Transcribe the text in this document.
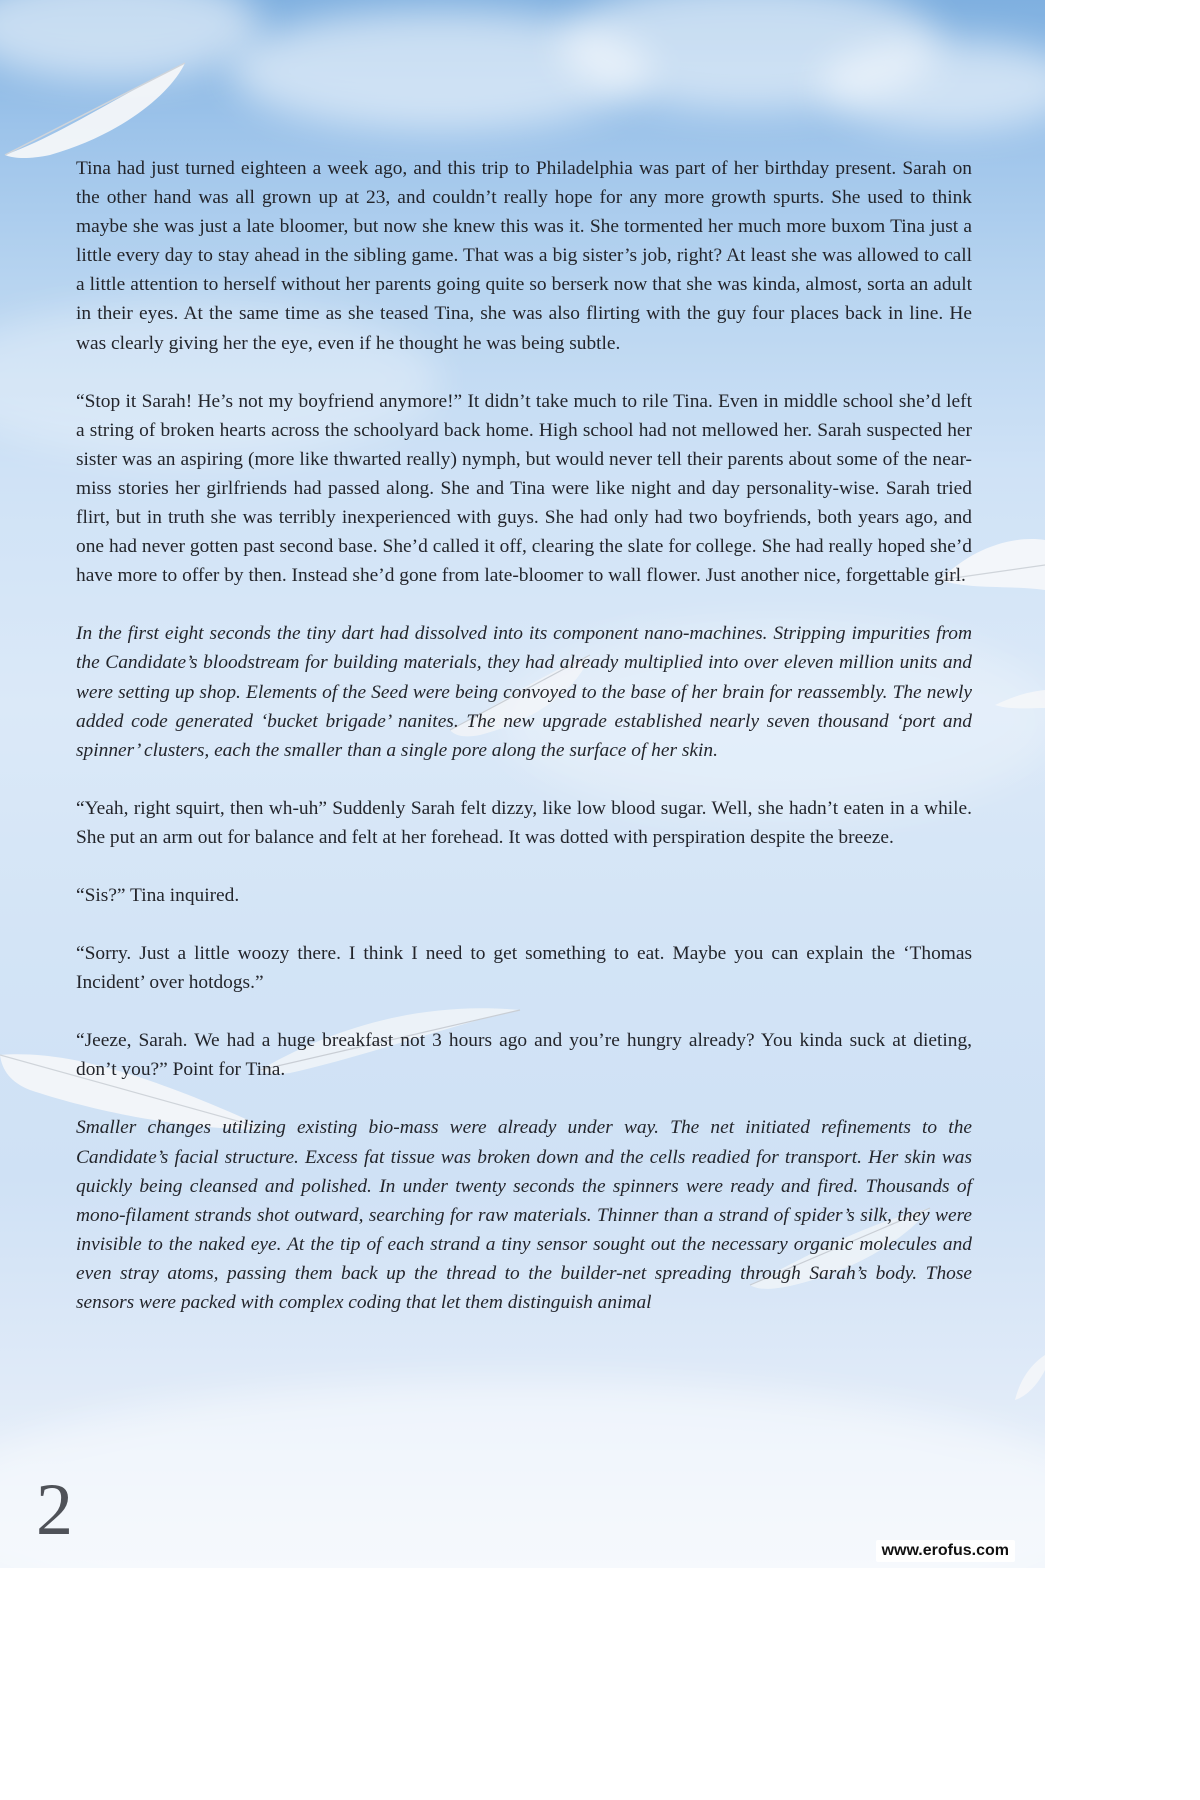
Tina had just turned eighteen a week ago, and this trip to Philadelphia was part of her birthday present. Sarah on the other hand was all grown up at 23, and couldn’t really hope for any more growth spurts. She used to think maybe she was just a late bloomer, but now she knew this was it. She tormented her much more buxom Tina just a little every day to stay ahead in the sibling game. That was a big sister’s job, right? At least she was allowed to call a little attention to herself without her parents going quite so berserk now that she was kinda, almost, sorta an adult in their eyes. At the same time as she teased Tina, she was also flirting with the guy four places back in line. He was clearly giving her the eye, even if he thought he was being subtle.

“Stop it Sarah! He’s not my boyfriend anymore!” It didn’t take much to rile Tina. Even in middle school she’d left a string of broken hearts across the schoolyard back home. High school had not mellowed her. Sarah suspected her sister was an aspiring (more like thwarted really) nymph, but would never tell their parents about some of the near-miss stories her girlfriends had passed along. She and Tina were like night and day personality-wise. Sarah tried flirt, but in truth she was terribly inexperienced with guys. She had only had two boyfriends, both years ago, and one had never gotten past second base. She’d called it off, clearing the slate for college. She had really hoped she’d have more to offer by then. Instead she’d gone from late-bloomer to wall flower. Just another nice, forgettable girl.

In the first eight seconds the tiny dart had dissolved into its component nano-machines. Stripping impurities from the Candidate’s bloodstream for building materials, they had already multiplied into over eleven million units and were setting up shop. Elements of the Seed were being convoyed to the base of her brain for reassembly. The newly added code generated ‘bucket brigade’ nanites. The new upgrade established nearly seven thousand ‘port and spinner’ clusters, each the smaller than a single pore along the surface of her skin.

“Yeah, right squirt, then wh-uh” Suddenly Sarah felt dizzy, like low blood sugar. Well, she hadn’t eaten in a while. She put an arm out for balance and felt at her forehead. It was dotted with perspiration despite the breeze.

“Sis?” Tina inquired.

“Sorry. Just a little woozy there. I think I need to get something to eat. Maybe you can explain the ‘Thomas Incident’ over hotdogs.”

“Jeeze, Sarah. We had a huge breakfast not 3 hours ago and you’re hungry already? You kinda suck at dieting, don’t you?” Point for Tina.

Smaller changes utilizing existing bio-mass were already under way. The net initiated refinements to the Candidate’s facial structure. Excess fat tissue was broken down and the cells readied for transport. Her skin was quickly being cleansed and polished. In under twenty seconds the spinners were ready and fired. Thousands of mono-filament strands shot outward, searching for raw materials. Thinner than a strand of spider’s silk, they were invisible to the naked eye. At the tip of each strand a tiny sensor sought out the necessary organic molecules and even stray atoms, passing them back up the thread to the builder-net spreading through Sarah’s body. Those sensors were packed with complex coding that let them distinguish animal

2	www.erofus.com
